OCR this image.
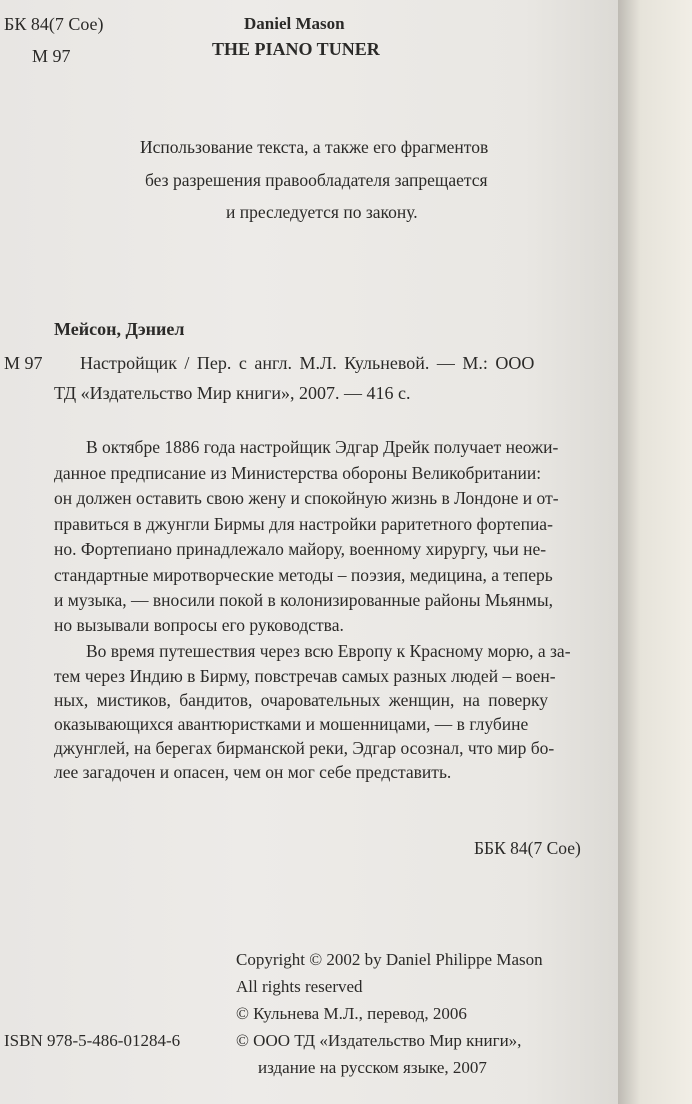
БК 84(7 Сое)
М 97
Daniel Mason
THE PIANO TUNER
Использование текста, а также его фрагментов
без разрешения правообладателя запрещается
и преследуется по закону.
Мейсон, Дэниел
М 97 Настройщик / Пер. с англ. М.Л. Кульневой. — М.: ООО
ТД «Издательство Мир книги», 2007. — 416 с.
В октябре 1886 года настройщик Эдгар Дрейк получает неожи-
данное предписание из Министерства обороны Великобритании:
он должен оставить свою жену и спокойную жизнь в Лондоне и от-
правиться в джунгли Бирмы для настройки раритетного фортепиа-
но. Фортепиано принадлежало майору, военному хирургу, чьи не-
стандартные миротворческие методы – поэзия, медицина, а теперь
и музыка, — вносили покой в колонизированные районы Мьянмы,
но вызывали вопросы его руководства.
Во время путешествия через всю Европу к Красному морю, а за-
тем через Индию в Бирму, повстречав самых разных людей – воен-
ных, мистиков, бандитов, очаровательных женщин, на поверку
оказывающихся авантюристками и мошенницами, — в глубине
джунглей, на берегах бирманской реки, Эдгар осознал, что мир бо-
лее загадочен и опасен, чем он мог себе представить.
ББК 84(7 Сое)
Copyright © 2002 by Daniel Philippe Mason
All rights reserved
© Кульнева М.Л., перевод, 2006
© ООО ТД «Издательство Мир книги»,
издание на русском языке, 2007
ISBN 978-5-486-01284-6
